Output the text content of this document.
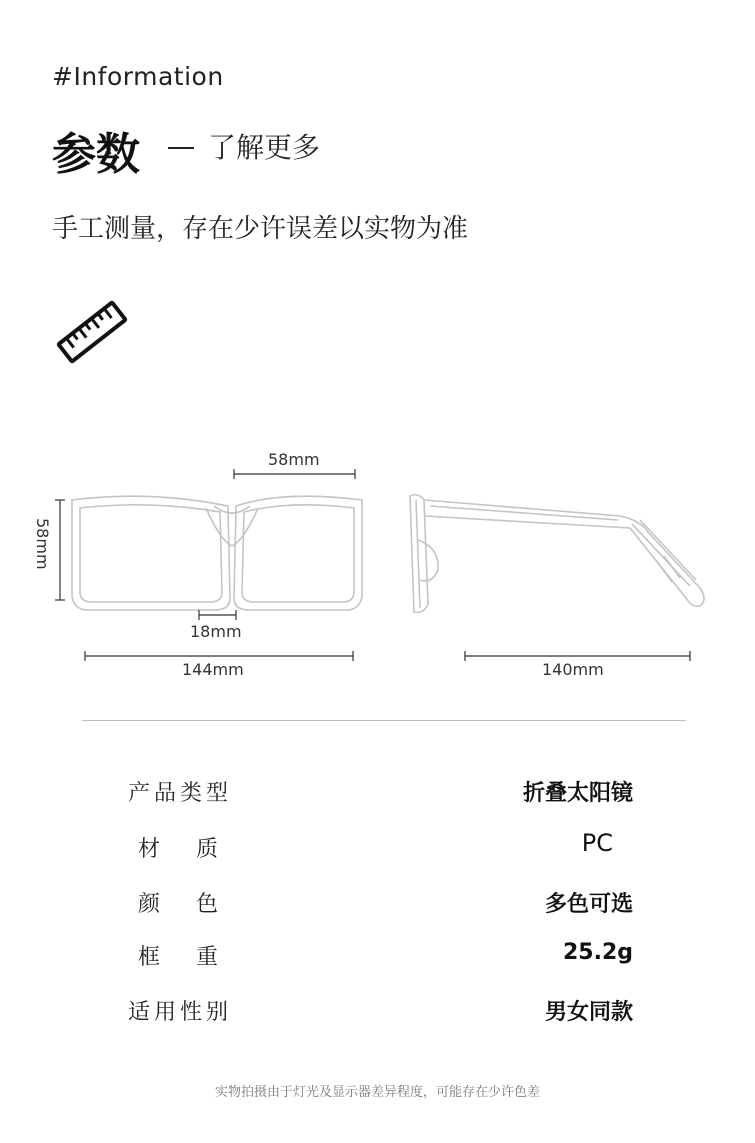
#Information
参数 了解更多
手工测量，存在少许误差以实物为准
58mm
58mm
18mm
144mm	140mm
产品类型	折叠太阳镜
材质	PC
颜色	多色可选
框重	25.2g
适用性别	男女同款
实物拍摄由于灯光及显示器差异程度，可能存在少许色差
